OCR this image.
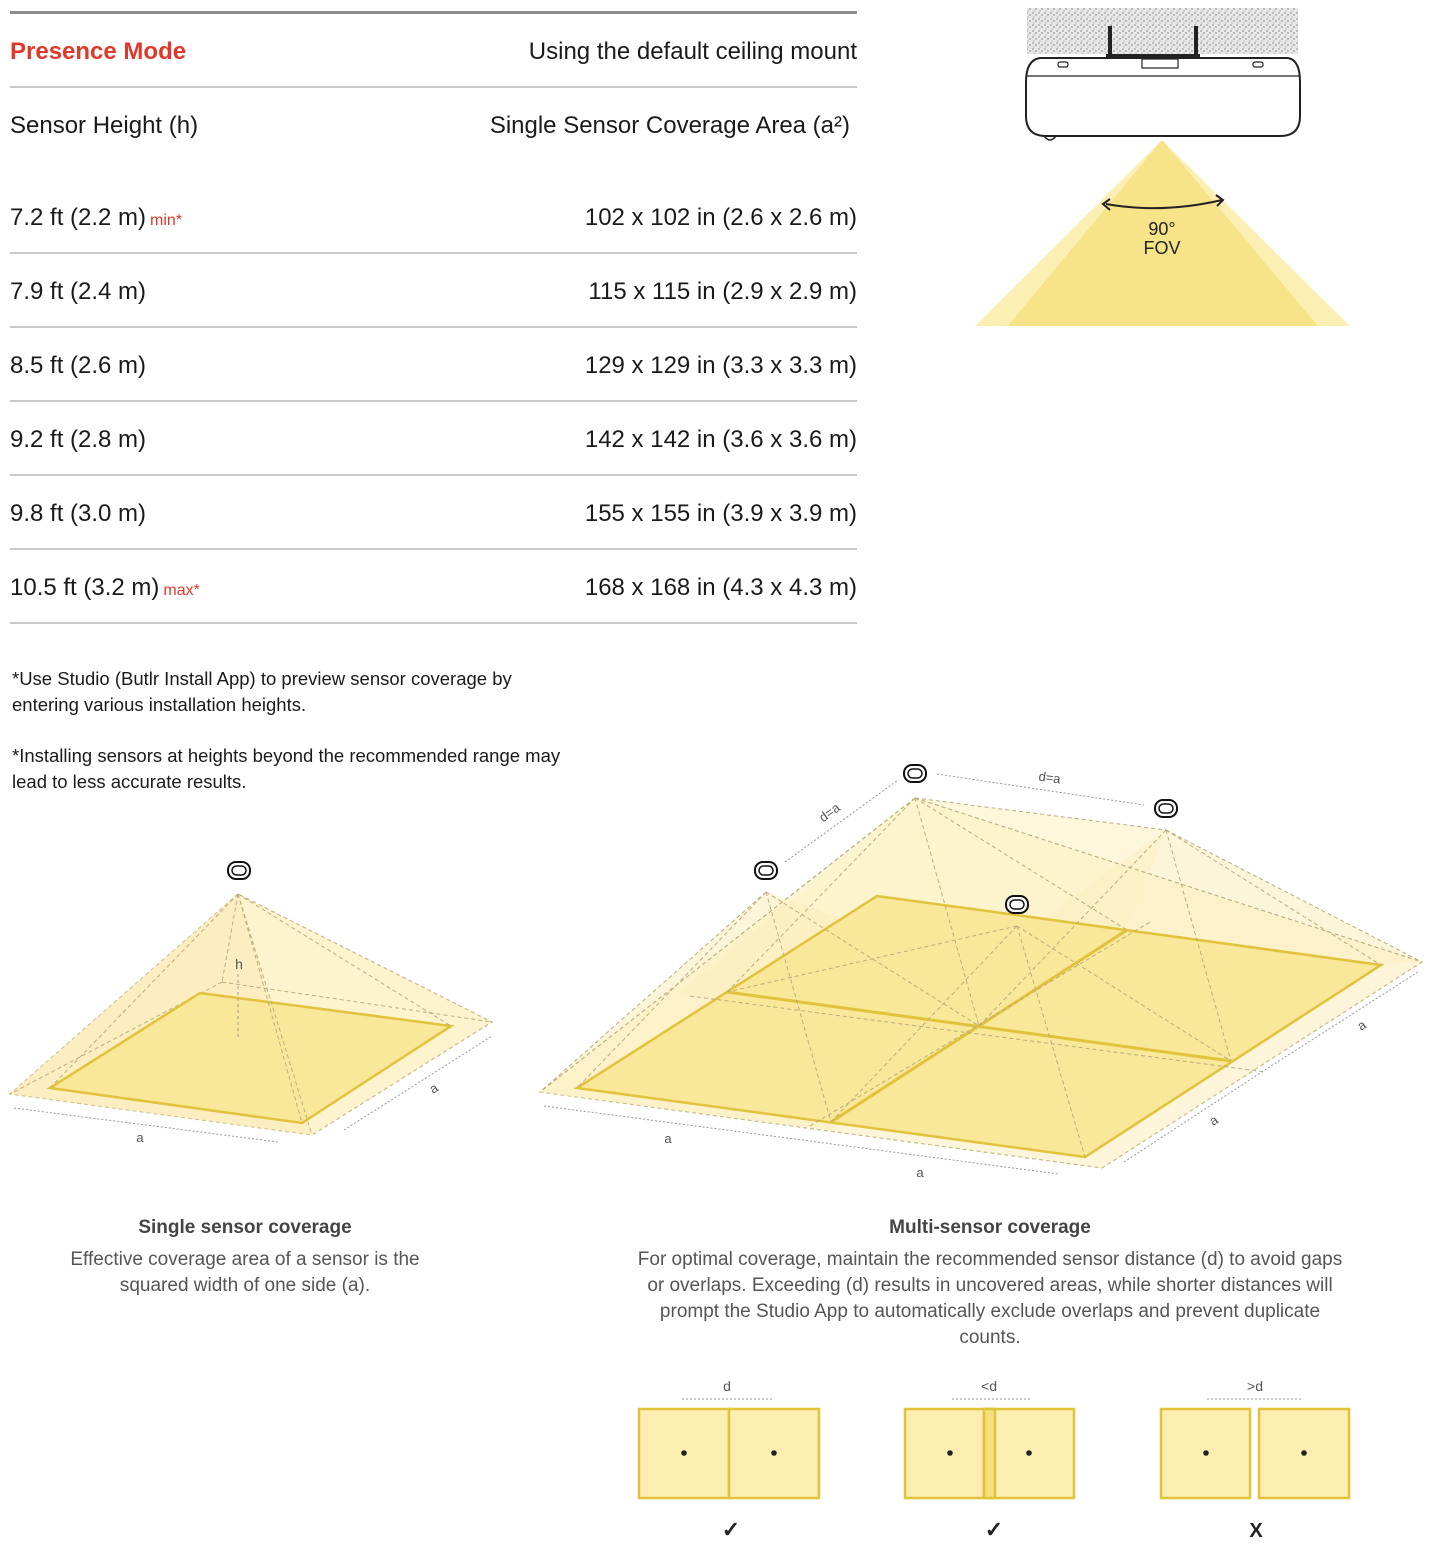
Presence Mode	Using the default ceiling mount
Sensor Height (h)	Single Sensor Coverage Area (a²)
7.2 ft (2.2 m) min*	102 x 102 in (2.6 x 2.6 m)
7.9 ft (2.4 m)	115 x 115 in (2.9 x 2.9 m)
8.5 ft (2.6 m)	129 x 129 in (3.3 x 3.3 m)
9.2 ft (2.8 m)	142 x 142 in (3.6 x 3.6 m)
9.8 ft (3.0 m)	155 x 155 in (3.9 x 3.9 m)
10.5 ft (3.2 m) max*	168 x 168 in (4.3 x 4.3 m)
*Use Studio (Butlr Install App) to preview sensor coverage by entering various installation heights.
*Installing sensors at heights beyond the recommended range may lead to less accurate results.
90°
FOV
h
a
a
Single sensor coverage
Effective coverage area of a sensor is the squared width of one side (a).
d=a
d=a
a
a
a
a
Multi-sensor coverage
For optimal coverage, maintain the recommended sensor distance (d) to avoid gaps or overlaps. Exceeding (d) results in uncovered areas, while shorter distances will prompt the Studio App to automatically exclude overlaps and prevent duplicate counts.
d
✓
<d
✓
>d
X
